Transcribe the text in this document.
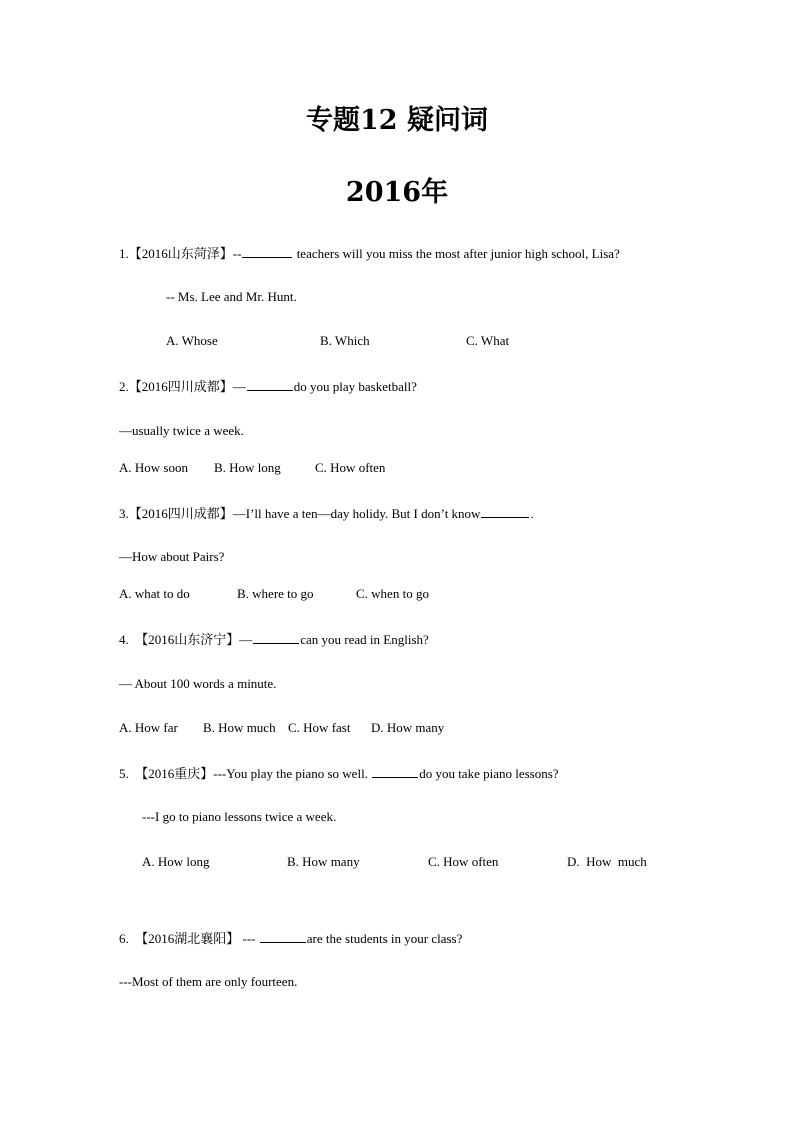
专题12 疑问词
2016年
1.【2016山东菏泽】--	teachers will you miss the most after junior high school, Lisa?
-- Ms. Lee and Mr. Hunt.
A. Whose	B. Which	C. What
2.【2016四川成都】—	do you play basketball?
—usually twice a week.
A. How soon B. How long	C. How often
3.【2016四川成都】—I’ll have a ten—day holidy. But I don’t know	.
—How about Pairs?
A. what to do	B. where to go	C. when to go
4. 【2016山东济宁】—	can you read in English?
— About 100 words a minute.
A. How far B. How much C. How fast D. How many
5. 【2016重庆】---You play the piano so well.	do you take piano lessons?
---I go to piano lessons twice a week.
A. How long	B. How many	C. How often	D.  How  much
6. 【2016湖北襄阳】 ---	are the students in your class?
---Most of them are only fourteen.
